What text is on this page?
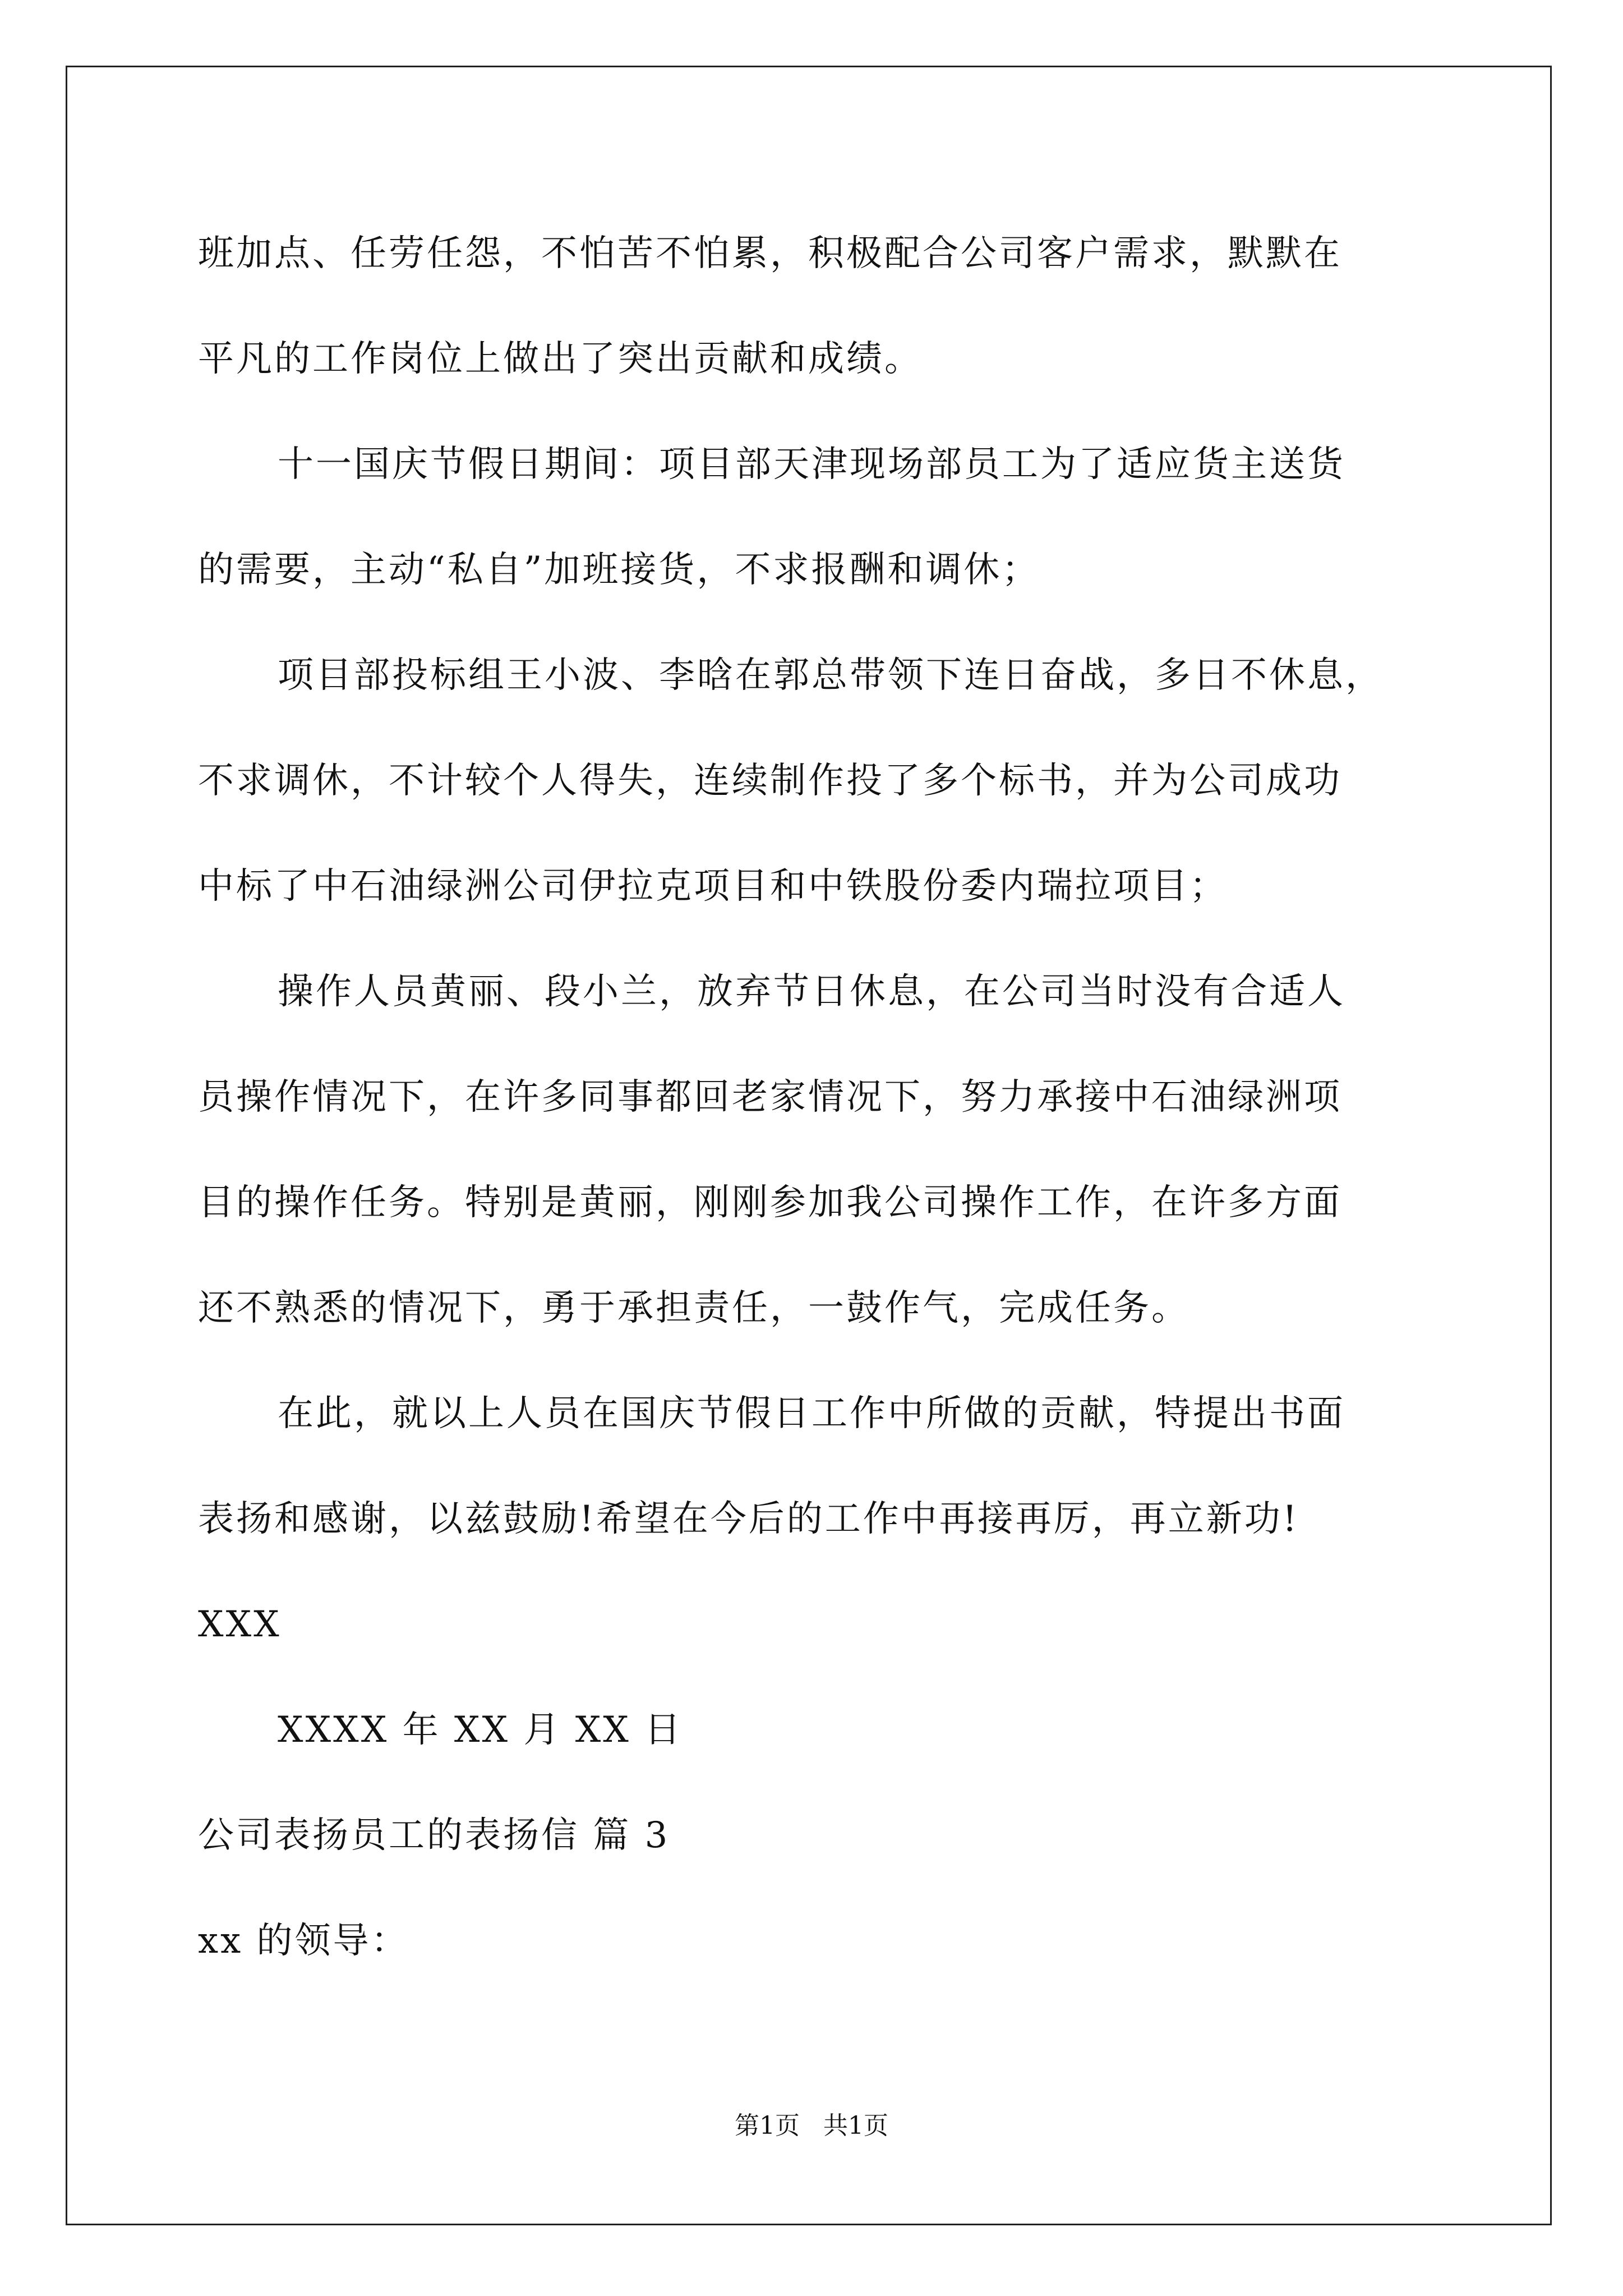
班加点、任劳任怨，不怕苦不怕累，积极配合公司客户需求，默默在
平凡的工作岗位上做出了突出贡献和成绩。
十一国庆节假日期间：项目部天津现场部员工为了适应货主送货
的需要，主动“私自”加班接货，不求报酬和调休；
项目部投标组王小波、李晗在郭总带领下连日奋战，多日不休息，
不求调休，不计较个人得失，连续制作投了多个标书，并为公司成功
中标了中石油绿洲公司伊拉克项目和中铁股份委内瑞拉项目；
操作人员黄丽、段小兰，放弃节日休息，在公司当时没有合适人
员操作情况下，在许多同事都回老家情况下，努力承接中石油绿洲项
目的操作任务。特别是黄丽，刚刚参加我公司操作工作，在许多方面
还不熟悉的情况下，勇于承担责任，一鼓作气，完成任务。
在此，就以上人员在国庆节假日工作中所做的贡献，特提出书面
表扬和感谢，以兹鼓励!希望在今后的工作中再接再厉，再立新功!
XXX
XXXX 年 XX 月 XX 日
公司表扬员工的表扬信 篇 3
xx 的领导：
第1页   共1页
